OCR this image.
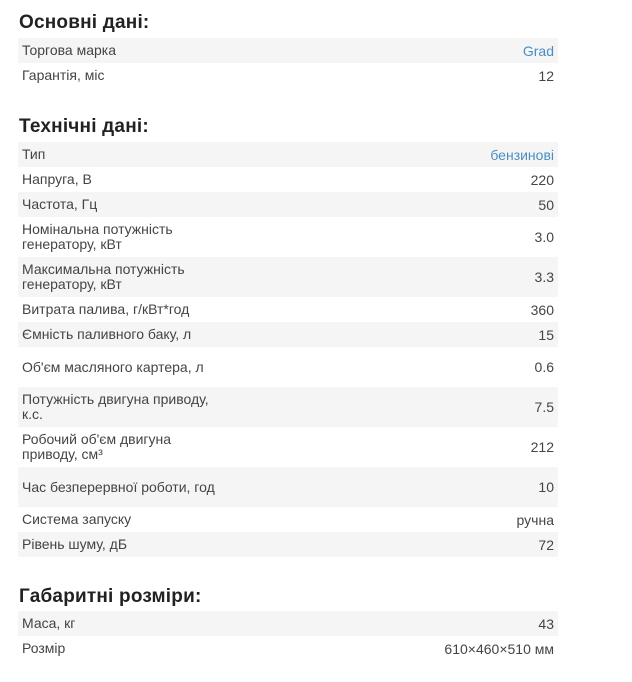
Основні дані:
Торгова марка	Grad
Гарантія, міс	12
Технічні дані:
Тип	бензинові
Напруга, В	220
Частота, Гц	50
Номінальна потужність генератору, кВт	3.0
Максимальна потужність генератору, кВт	3.3
Витрата палива, г/кВт*год	360
Ємність паливного баку, л	15
Об'єм масляного картера, л	0.6
Потужність двигуна приводу, к.с.	7.5
Робочий об'єм двигуна приводу, см³	212
Час безперервної роботи, год	10
Система запуску	ручна
Рівень шуму, дБ	72
Габаритні розміри:
Маса, кг	43
Розмір	610×460×510 мм
